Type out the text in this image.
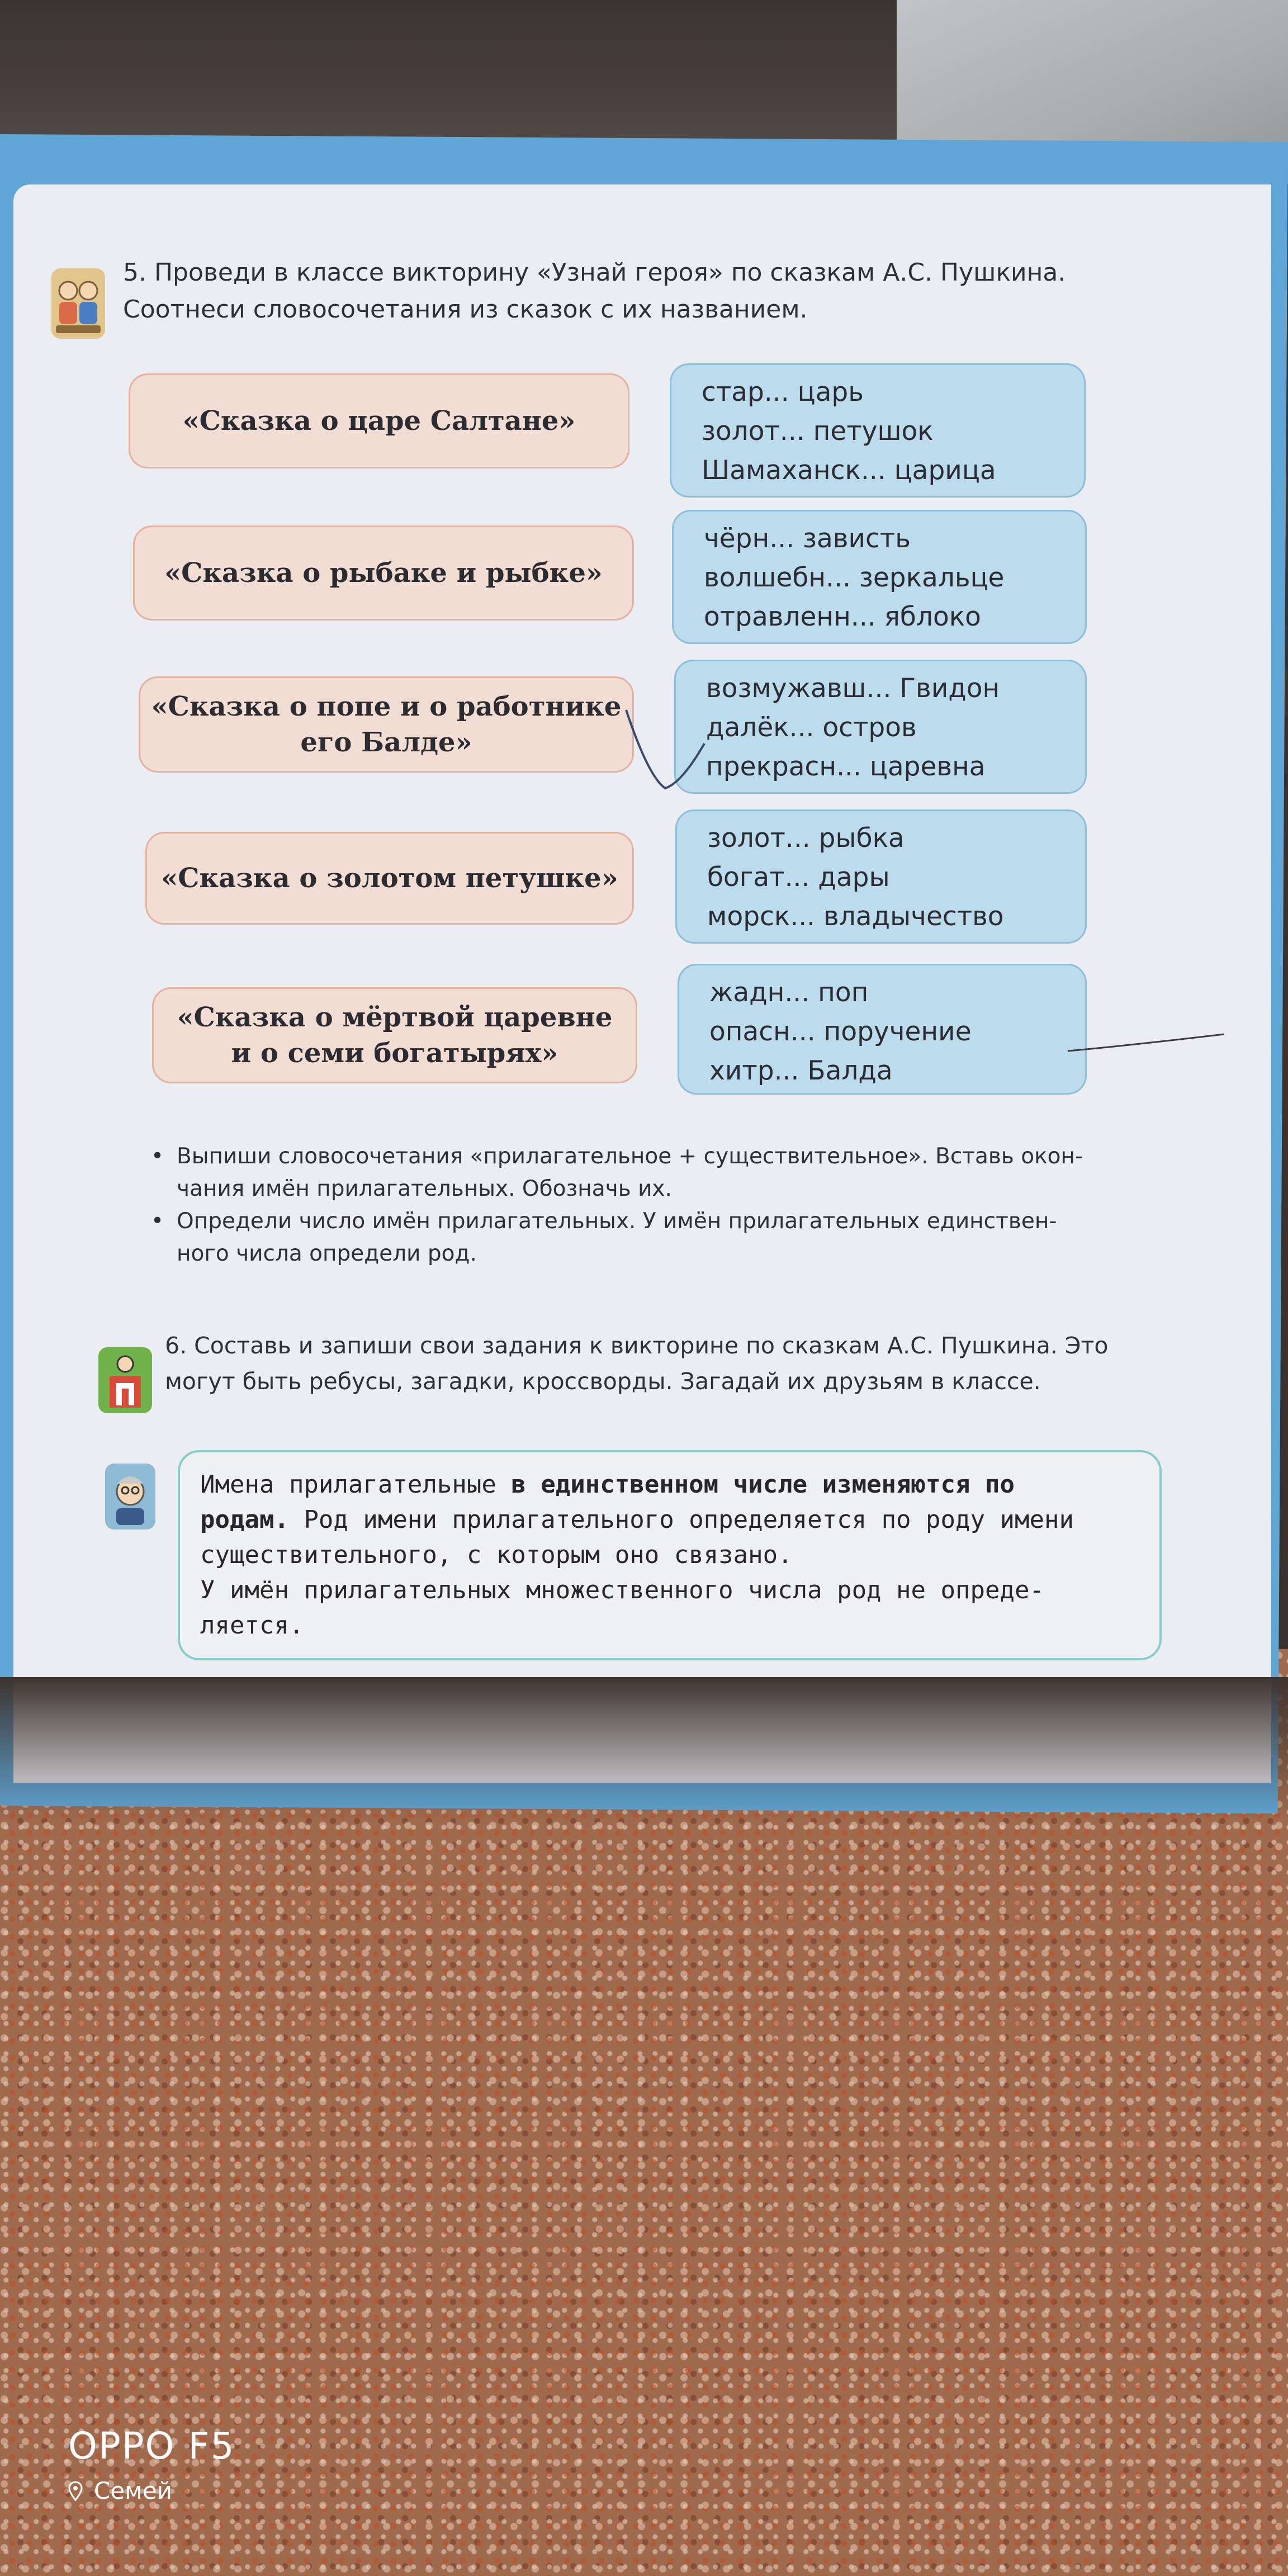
5. Проведи в классе викторину «Узнай героя» по сказкам А.С. Пушкина.
Соотнеси словосочетания из сказок с их названием.
«Сказка о царе Салтане»
«Сказка о рыбаке и рыбке»
«Сказка о попе и о работнике
его Балде»
«Сказка о золотом петушке»
«Сказка о мёртвой царевне
и о семи богатырях»
стар... царь
золот... петушок
Шамаханск... царица
чёрн... зависть
волшебн... зеркальце
отравленн... яблоко
возмужавш... Гвидон
далёк... остров
прекрасн... царевна
золот... рыбка
богат... дары
морск... владычество
жадн... поп
опасн... поручение
хитр... Балда
• Выпиши словосочетания «прилагательное + существительное». Вставь окон-
чания имён прилагательных. Обозначь их.
• Определи число имён прилагательных. У имён прилагательных единствен-
ного числа определи род.
6. Составь и запиши свои задания к викторине по сказкам А.С. Пушкина. Это
могут быть ребусы, загадки, кроссворды. Загадай их друзьям в классе.
Имена прилагательные в единственном числе изменяются по
родам. Род имени прилагательного определяется по роду имени
существительного, с которым оно связано.
У имён прилагательных множественного числа род не опреде-
ляется.
OPPO F5
Семей
